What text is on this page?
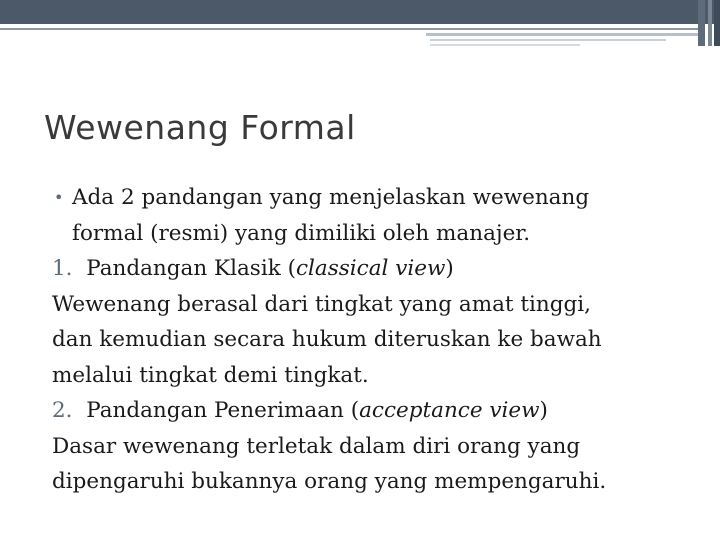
Wewenang Formal
• Ada 2 pandangan yang menjelaskan wewenang
formal (resmi) yang dimiliki oleh manajer.
1. Pandangan Klasik (classical view)
Wewenang berasal dari tingkat yang amat tinggi,
dan kemudian secara hukum diteruskan ke bawah
melalui tingkat demi tingkat.
2. Pandangan Penerimaan (acceptance view)
Dasar wewenang terletak dalam diri orang yang
dipengaruhi bukannya orang yang mempengaruhi.
